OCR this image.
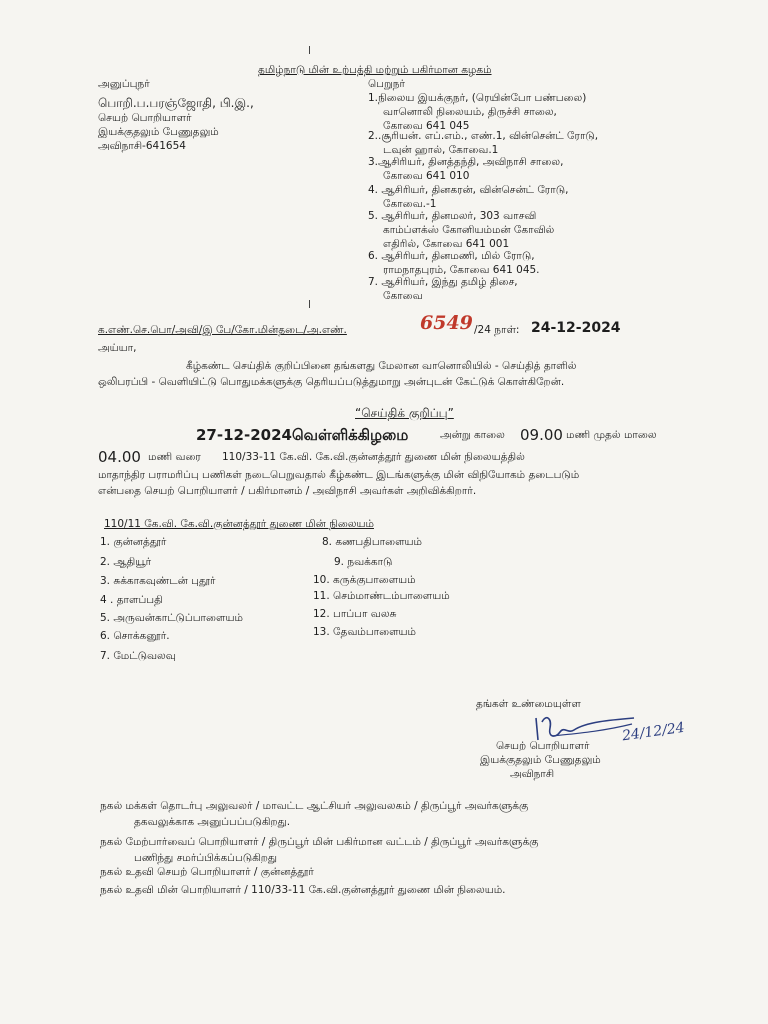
தமிழ்நாடு மின் உற்பத்தி மற்றும் பகிர்மான கழகம்
அனுப்புநர்
பொறி.ப.பரஞ்ஜோதி, பி.இ.,
செயற் பொறியாளர்
இயக்குதலும் பேணுதலும்
அவிநாசி-641654
பெறுநர்
1.நிலைய இயக்குநர், (ரெயின்போ பண்பலை)
வானொலி நிலையம், திருச்சி சாலை,
கோவை 641 045
2..சூரியன். எப்.எம்., எண்.1, வின்சென்ட் ரோடு,
டவுன் ஹால், கோவை.1
3.ஆசிரியர், தினத்தந்தி, அவிநாசி சாலை,
கோவை 641 010
4. ஆசிரியர், தினகரன், வின்சென்ட் ரோடு,
கோவை.-1
5. ஆசிரியர், தினமலர், 303 வாசவி
காம்ப்ளக்ஸ் கோனியம்மன் கோவில்
எதிரில், கோவை 641 001
6. ஆசிரியர், தினமணி, மில் ரோடு,
ராமநாதபுரம், கோவை 641 045.
7. ஆசிரியர், இந்து தமிழ் திசை,
கோவை
க.எண்.செ.பொ/அவி/இ பே/கோ.மின்தடை/அ.எண்.	6549 /24 நாள்: 24-12-2024
அய்யா,
கீழ்கண்ட செய்திக் குறிப்பினை தங்களது மேலான வானொலியில் - செய்தித் தாளில்
ஒலிபரப்பி - வெளியிட்டு பொதுமக்களுக்கு தெரியப்படுத்துமாறு அன்புடன் கேட்டுக் கொள்கிறேன்.
“செய்திக் குறிப்பு”
27-12-2024 வெள்ளிக்கிழமை	அன்று காலை 09.00 மணி முதல் மாலை
04.00 மணி வரை 110/33-11 கே.வி. கே.வி.குன்னத்தூர் துணை மின் நிலையத்தில்
மாதாந்திர பராமரிப்பு பணிகள் நடைபெறுவதால் கீழ்கண்ட இடங்களுக்கு மின் விநியோகம் தடைபடும்
என்பதை செயற் பொறியாளர் / பகிர்மானம் / அவிநாசி அவர்கள் அறிவிக்கிறார்.
110/11 கே.வி. கே.வி.குன்னத்தூர் துணை மின் நிலையம்
1. குன்னத்தூர்
2. ஆதியூர்
3. சுக்காகவுண்டன் புதூர்
4 . தாளப்பதி
5. அருவன்காட்டுப்பாளையம்
6. சொக்கனூர்.
7. மேட்டுவலவு
8. கணபதிபாளையம்
9. நவக்காடு
10. கருக்குபாளையம்
11. செம்மாண்டம்பாளையம்
12. பாப்பா வலசு
13. தேவம்பாளையம்
தங்கள் உண்மையுள்ள
24/12/24
செயற் பொறியாளர்
இயக்குதலும் பேணுதலும்
அவிநாசி
நகல் மக்கள் தொடர்பு அலுவலர் / மாவட்ட ஆட்சியர் அலுவலகம் / திருப்பூர் அவர்களுக்கு
தகவலுக்காக அனுப்பப்படுகிறது.
நகல் மேற்பார்வைப் பொறியாளர் / திருப்பூர் மின் பகிர்மான வட்டம் / திருப்பூர் அவர்களுக்கு
பணிந்து சமர்ப்பிக்கப்படுகிறது
நகல் உதவி செயற் பொறியாளர் / குன்னத்தூர்
நகல் உதவி மின் பொறியாளர் / 110/33-11 கே.வி.குன்னத்தூர் துணை மின் நிலையம்.
